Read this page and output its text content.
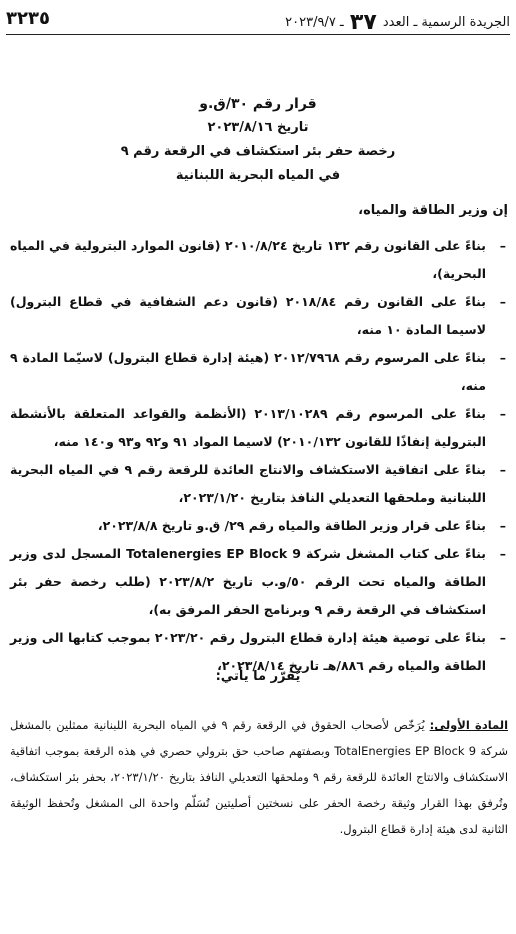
الجريدة الرسمية ـ العدد ٣٧ ـ ٢٠٢٣/٩/٧
٣٢٣٥
قرار رقم ٣٠/ق.و
تاريخ ٢٠٢٣/٨/١٦
رخصة حفر بئر استكشاف في الرقعة رقم ٩
في المياه البحرية اللبنانية
إن وزير الطاقة والمياه،
–
بناءً على القانون رقم ١٣٢ تاريخ ٢٠١٠/٨/٢٤ (قانون الموارد البترولية في المياه البحرية)،
–
بناءً على القانون رقم ٢٠١٨/٨٤ (قانون دعم الشفافية في قطاع البترول) لاسيما المادة ١٠ منه،
–
بناءً على المرسوم رقم ٢٠١٢/٧٩٦٨ (هيئة إدارة قطاع البترول) لاسيّما المادة ٩ منه،
–
بناءً على المرسوم رقم ٢٠١٣/١٠٢٨٩ (الأنظمة والقواعد المتعلقة بالأنشطة البترولية إنفاذًا للقانون ٢٠١٠/١٣٢) لاسيما المواد ٩١ و٩٢ و٩٣ و١٤٠ منه،
–
بناءً على اتفاقية الاستكشاف والانتاج العائدة للرقعة رقم ٩ في المياه البحرية اللبنانية وملحقها التعديلي النافذ بتاريخ ٢٠٢٣/١/٢٠،
–
بناءً على قرار وزير الطاقة والمياه رقم ٢٩/ ق.و تاريخ ٢٠٢٣/٨/٨،
–
بناءً على كتاب المشغل شركة Totalenergies EP Block 9 المسجل لدى وزير الطاقة والمياه تحت الرقم ٥٠/و.ب تاريخ ٢٠٢٣/٨/٢ (طلب رخصة حفر بئر استكشاف في الرقعة رقم ٩ وبرنامج الحفر المرفق به)،
–
بناءً على توصية هيئة إدارة قطاع البترول رقم ٢٠٢٣/٢٠ بموجب كتابها الى وزير الطاقة والمياه رقم ٨٨٦/هـ تاريخ ٢٠٢٣/٨/١٤،
يُقرّر ما يأتي:
المادة الأولى: يُرَخّص لأصحاب الحقوق في الرقعة رقم ٩ في المياه البحرية اللبنانية ممثلين بالمشغل شركة TotalEnergies EP Block 9 وبصفتهم صاحب حق بترولي حصري في هذه الرقعة بموجب اتفاقية الاستكشاف والانتاج العائدة للرقعة رقم ٩ وملحقها التعديلي النافذ بتاريخ ٢٠٢٣/١/٢٠، بحفر بئر استكشاف، وتُرفق بهذا القرار وثيقة رخصة الحفر على نسختين أصليتين تُسَلّم واحدة الى المشغل وتُحفظ الوثيقة الثانية لدى هيئة إدارة قطاع البترول.
